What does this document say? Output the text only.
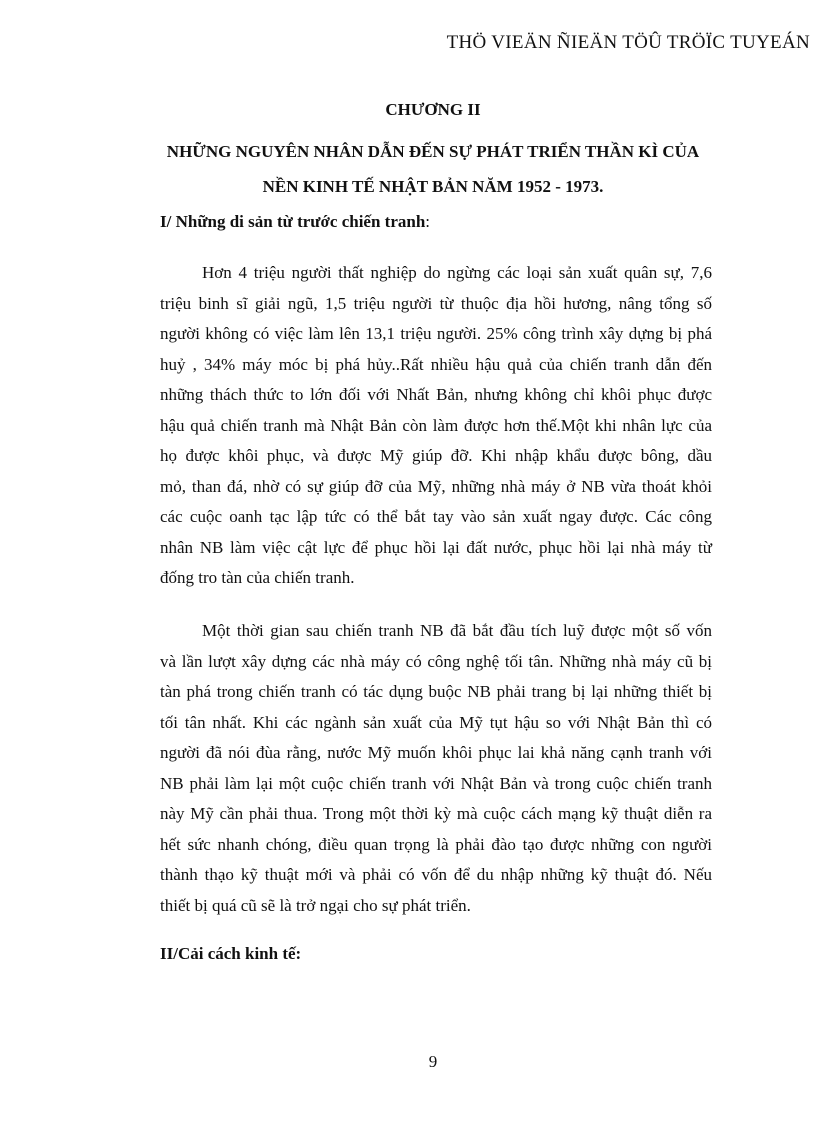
THÖ VIEÄN ÑIEÄN TÖÛ TRÖÏC TUYEÁN
CHƯƠNG II
NHỮNG NGUYÊN NHÂN DẪN ĐẾN SỰ PHÁT TRIỂN THẦN KÌ CỦA
NỀN KINH TẾ NHẬT BẢN NĂM 1952 - 1973.
I/ Những di sản từ trước chiến tranh:
Hơn 4 triệu người thất nghiệp do ngừng các loại sản xuất quân sự, 7,6
triệu binh sĩ giải ngũ, 1,5 triệu người từ thuộc địa hồi hương, nâng tổng số
người không có việc làm lên 13,1 triệu người. 25% công trình xây dựng bị phá
huỷ , 34% máy móc bị phá hủy..Rất nhiều hậu quả của chiến tranh dẫn đến
những thách thức to lớn đối với Nhất Bản, nhưng không chỉ khôi phục được
hậu quả chiến tranh mà Nhật Bản còn làm được hơn thế.Một khi nhân lực của
họ được khôi phục, và được Mỹ giúp đỡ. Khi nhập khẩu được bông, dầu
mỏ, than đá, nhờ có sự giúp đỡ của Mỹ, những nhà máy ở NB vừa thoát khỏi
các cuộc oanh tạc lập tức có thể bắt tay vào sản xuất ngay được. Các công
nhân NB làm việc cật lực để phục hồi lại đất nước, phục hồi lại nhà máy từ
đống tro tàn của chiến tranh.
Một thời gian sau chiến tranh NB đã bắt đầu tích luỹ được một số vốn
và lần lượt xây dựng các nhà máy có công nghệ tối tân. Những nhà máy cũ bị
tàn phá trong chiến tranh có tác dụng buộc NB phải trang bị lại những thiết bị
tối tân nhất. Khi các ngành sản xuất của Mỹ tụt hậu so với Nhật Bản thì có
người đã nói đùa rằng, nước Mỹ muốn khôi phục lai khả năng cạnh tranh với
NB phải làm lại một cuộc chiến tranh với Nhật Bản và trong cuộc chiến tranh
này Mỹ cần phải thua. Trong một thời kỳ mà cuộc cách mạng kỹ thuật diễn ra
hết sức nhanh chóng, điều quan trọng là phải đào tạo được những con người
thành thạo kỹ thuật mới và phải có vốn để du nhập những kỹ thuật đó. Nếu
thiết bị quá cũ sẽ là trở ngại cho sự phát triển.
II/Cải cách kinh tế:
9
